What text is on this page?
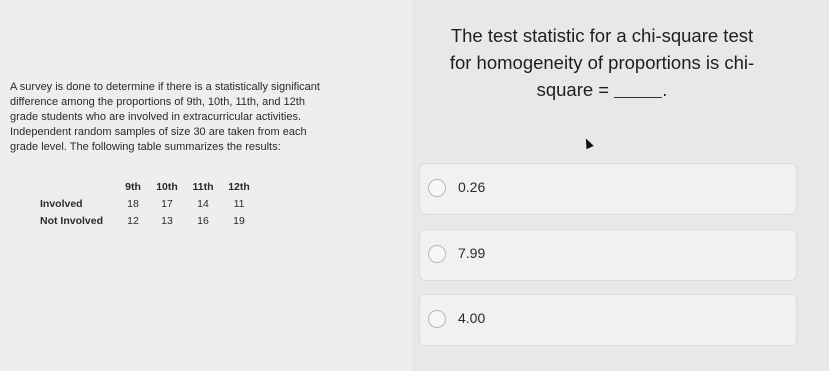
A survey is done to determine if there is a statistically significant

difference among the proportions of 9th, 10th, 11th, and 12th

grade students who are involved in extracurricular activities.

Independent random samples of size 30 are taken from each

grade level. The following table summarizes the results:

	9th	10th	11th	12th
Involved	18	17	14	11
Not Involved	12	13	16	19
The test statistic for a chi-square test
for homogeneity of proportions is chi-
square =	.
0.26
7.99
4.00
